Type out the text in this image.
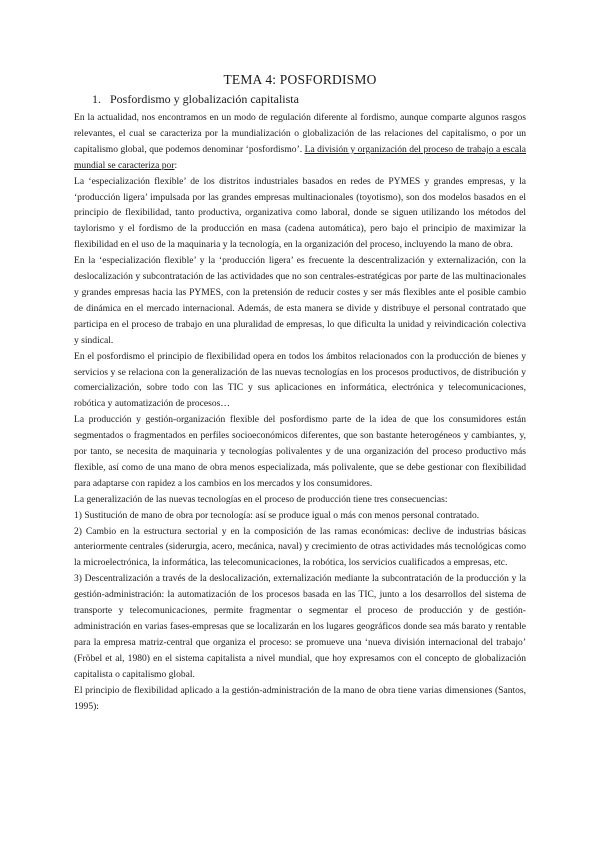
TEMA 4: POSFORDISMO
1. Posfordismo y globalización capitalista

En la actualidad, nos encontramos en un modo de regulación diferente al fordismo, aunque comparte algunos rasgos relevantes, el cual se caracteriza por la mundialización o globalización de las relaciones del capitalismo, o por un capitalismo global, que podemos denominar ‘posfordismo’. La división y organización del proceso de trabajo a escala mundial se caracteriza por:

La ‘especialización flexible’ de los distritos industriales basados en redes de PYMES y grandes empresas, y la ‘producción ligera’ impulsada por las grandes empresas multinacionales (toyotismo), son dos modelos basados en el principio de flexibilidad, tanto productiva, organizativa como laboral, donde se siguen utilizando los métodos del taylorismo y el fordismo de la producción en masa (cadena automática), pero bajo el principio de maximizar la flexibilidad en el uso de la maquinaria y la tecnología, en la organización del proceso, incluyendo la mano de obra.

En la ‘especialización flexible’ y la ‘producción ligera’ es frecuente la descentralización y externalización, con la deslocalización y subcontratación de las actividades que no son centrales-estratégicas por parte de las multinacionales y grandes empresas hacia las PYMES, con la pretensión de reducir costes y ser más flexibles ante el posible cambio de dinámica en el mercado internacional. Además, de esta manera se divide y distribuye el personal contratado que participa en el proceso de trabajo en una pluralidad de empresas, lo que dificulta la unidad y reivindicación colectiva y sindical.

En el posfordismo el principio de flexibilidad opera en todos los ámbitos relacionados con la producción de bienes y servicios y se relaciona con la generalización de las nuevas tecnologías en los procesos productivos, de distribución y comercialización, sobre todo con las TIC y sus aplicaciones en informática, electrónica y telecomunicaciones, robótica y automatización de procesos…

La producción y gestión-organización flexible del posfordismo parte de la idea de que los consumidores están segmentados o fragmentados en perfiles socioeconómicos diferentes, que son bastante heterogéneos y cambiantes, y, por tanto, se necesita de maquinaria y tecnologías polivalentes y de una organización del proceso productivo más flexible, así como de una mano de obra menos especializada, más polivalente, que se debe gestionar con flexibilidad para adaptarse con rapidez a los cambios en los mercados y los consumidores.

La generalización de las nuevas tecnologías en el proceso de producción tiene tres consecuencias:

1) Sustitución de mano de obra por tecnología: así se produce igual o más con menos personal contratado.

2) Cambio en la estructura sectorial y en la composición de las ramas económicas: declive de industrias básicas anteriormente centrales (siderurgia, acero, mecánica, naval) y crecimiento de otras actividades más tecnológicas como la microelectrónica, la informática, las telecomunicaciones, la robótica, los servicios cualificados a empresas, etc.

3) Descentralización a través de la deslocalización, externalización mediante la subcontratación de la producción y la gestión-administración: la automatización de los procesos basada en las TIC, junto a los desarrollos del sistema de transporte y telecomunicaciones, permite fragmentar o segmentar el proceso de producción y de gestión-administración en varias fases-empresas que se localizarán en los lugares geográficos donde sea más barato y rentable para la empresa matriz-central que organiza el proceso: se promueve una ‘nueva división internacional del trabajo’ (Fröbel et al, 1980) en el sistema capitalista a nivel mundial, que hoy expresamos con el concepto de globalización capitalista o capitalismo global.

El principio de flexibilidad aplicado a la gestión-administración de la mano de obra tiene varias dimensiones (Santos, 1995):
